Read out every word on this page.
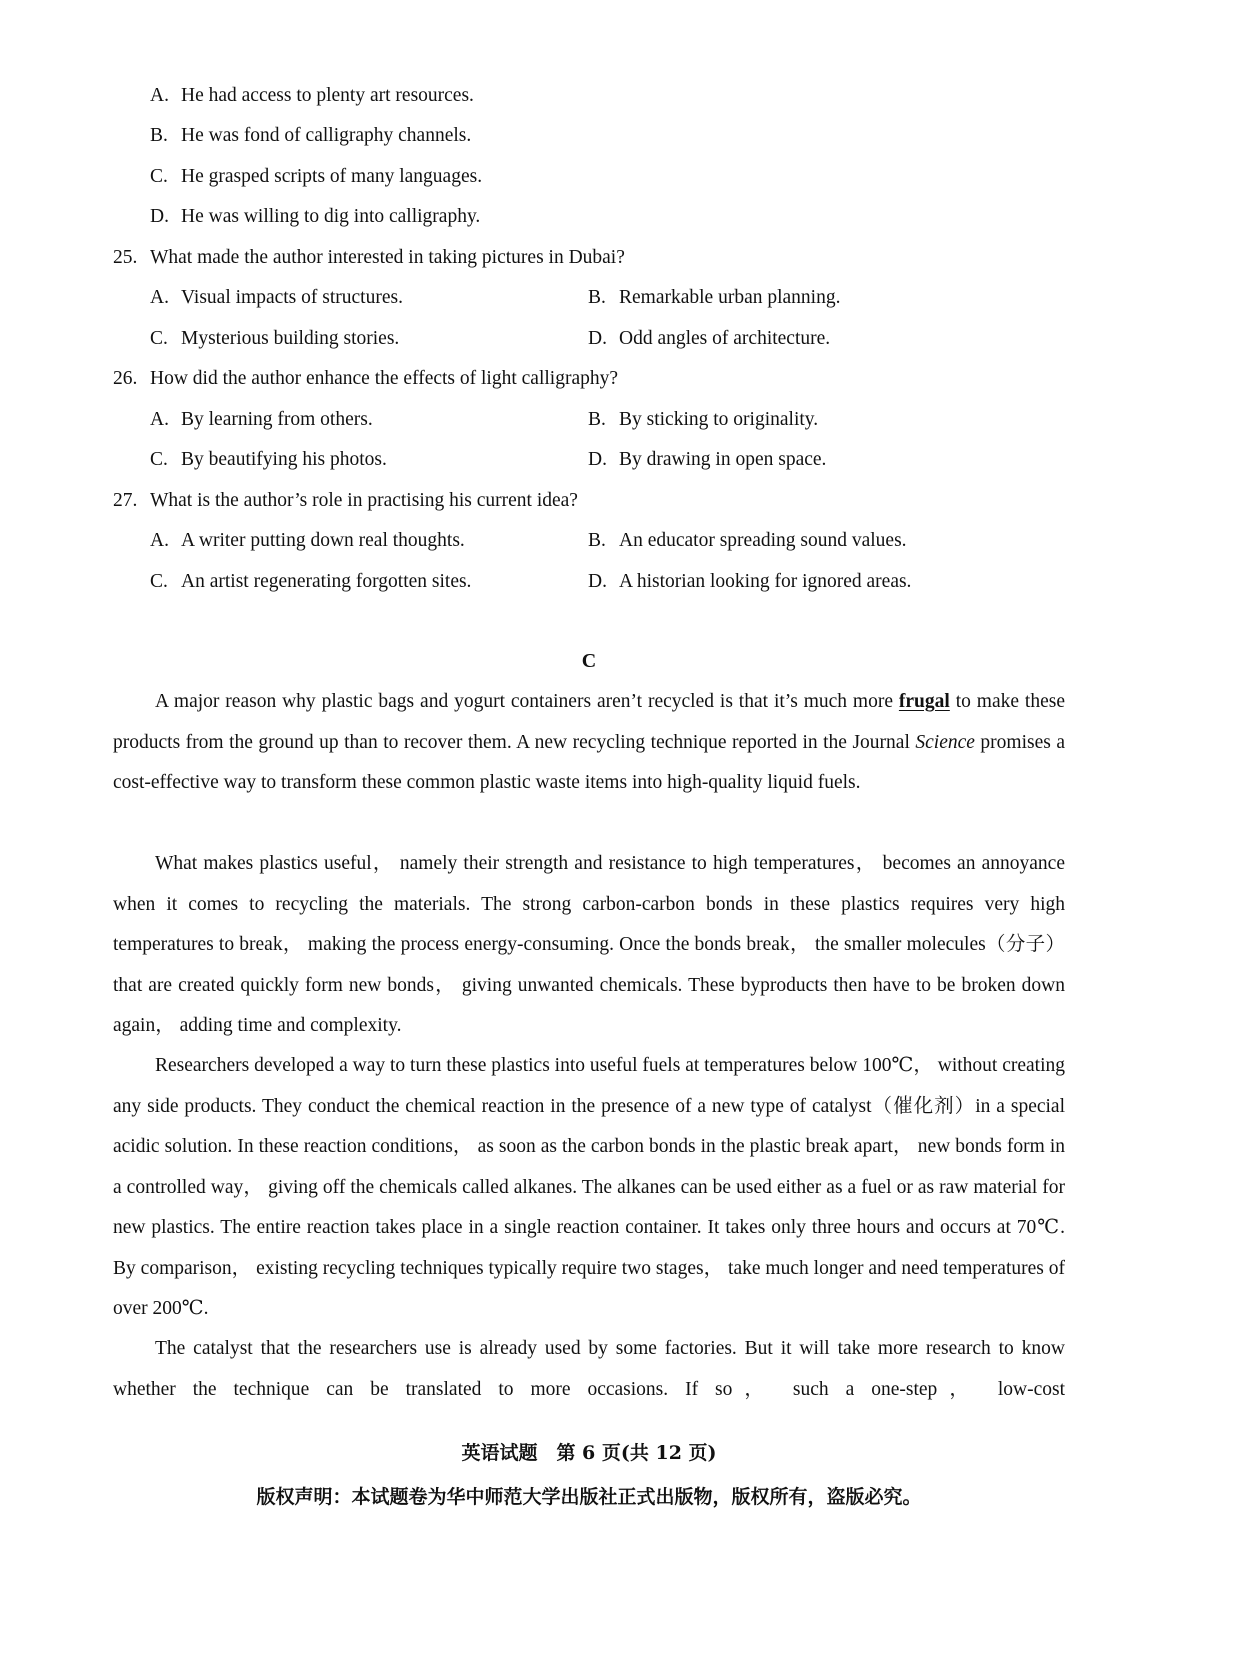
A. He had access to plenty art resources.
B. He was fond of calligraphy channels.
C. He grasped scripts of many languages.
D. He was willing to dig into calligraphy.
25. What made the author interested in taking pictures in Dubai?
A. Visual impacts of structures.	B. Remarkable urban planning.
C. Mysterious building stories.	D. Odd angles of architecture.
26. How did the author enhance the effects of light calligraphy?
A. By learning from others.	B. By sticking to originality.
C. By beautifying his photos.	D. By drawing in open space.
27. What is the author’s role in practising his current idea?
A. A writer putting down real thoughts.	B. An educator spreading sound values.
C. An artist regenerating forgotten sites.	D. A historian looking for ignored areas.
C
A major reason why plastic bags and yogurt containers aren’t recycled is that it’s much more frugal to make these products from the ground up than to recover them. A new recycling technique reported in the Journal Science promises a cost-effective way to transform these common plastic waste items into high-quality liquid fuels.
What makes plastics useful， namely their strength and resistance to high temperatures， becomes an annoyance when it comes to recycling the materials. The strong carbon-carbon bonds in these plastics requires very high temperatures to break， making the process energy-consuming. Once the bonds break， the smaller molecules（分子）that are created quickly form new bonds， giving unwanted chemicals. These byproducts then have to be broken down again， adding time and complexity.
Researchers developed a way to turn these plastics into useful fuels at temperatures below 100℃， without creating any side products. They conduct the chemical reaction in the presence of a new type of catalyst（催化剂）in a special acidic solution. In these reaction conditions， as soon as the carbon bonds in the plastic break apart， new bonds form in a controlled way， giving off the chemicals called alkanes. The alkanes can be used either as a fuel or as raw material for new plastics. The entire reaction takes place in a single reaction container. It takes only three hours and occurs at 70℃. By comparison， existing recycling techniques typically require two stages， take much longer and need temperatures of over 200℃.
The catalyst that the researchers use is already used by some factories. But it will take more research to know whether the technique can be translated to more occasions. If so， such a one-step， low-cost
英语试题　第 6 页(共 12 页)
版权声明：本试题卷为华中师范大学出版社正式出版物，版权所有，盗版必究。
